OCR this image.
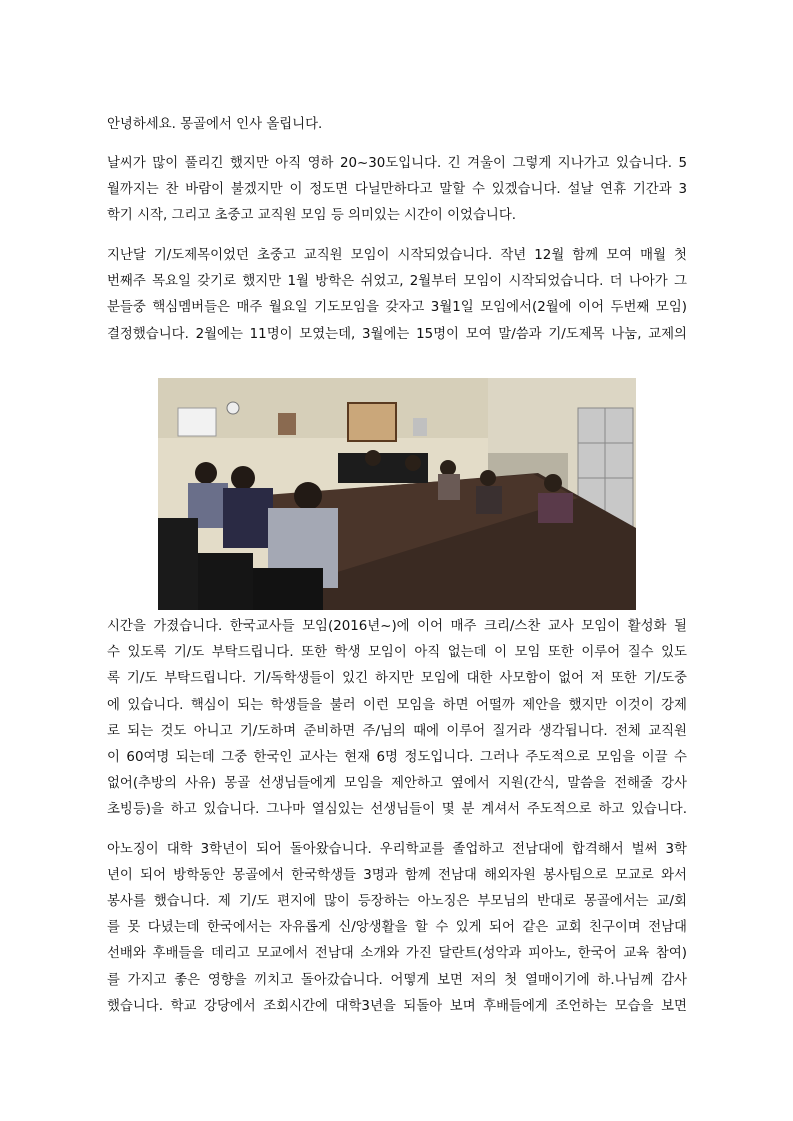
안녕하세요. 몽골에서 인사 올립니다.
날씨가 많이 풀리긴 했지만 아직 영하 20~30도입니다. 긴 겨울이 그렇게 지나가고 있습니다. 5
월까지는 찬 바람이 불겠지만 이 정도면 다닐만하다고 말할 수 있겠습니다. 설날 연휴 기간과 3
학기 시작, 그리고 초중고 교직원 모임 등 의미있는 시간이 이었습니다.
지난달 기/도제목이었던 초중고 교직원 모임이 시작되었습니다. 작년 12월 함께 모여 매월 첫
번째주 목요일 갖기로 했지만 1월 방학은 쉬었고, 2월부터 모임이 시작되었습니다. 더 나아가 그
분들중 핵심멤버들은 매주 월요일 기도모임을 갖자고 3월1일 모임에서(2월에 이어 두번째 모임)
결정했습니다. 2월에는 11명이 모였는데, 3월에는 15명이 모여 말/씀과 기/도제목 나눔, 교제의
시간을 가졌습니다. 한국교사들 모임(2016년~)에 이어 매주 크리/스찬 교사 모임이 활성화 될
수 있도록 기/도 부탁드립니다. 또한 학생 모임이 아직 없는데 이 모임 또한 이루어 질수 있도
록 기/도 부탁드립니다. 기/독학생들이 있긴 하지만 모임에 대한 사모함이 없어 저 또한 기/도중
에 있습니다. 핵심이 되는 학생들을 불러 이런 모임을 하면 어떨까 제안을 했지만 이것이 강제
로 되는 것도 아니고 기/도하며 준비하면 주/님의 때에 이루어 질거라 생각됩니다. 전체 교직원
이 60여명 되는데 그중 한국인 교사는 현재 6명 정도입니다. 그러나 주도적으로 모임을 이끌 수
없어(추방의 사유) 몽골 선생님들에게 모임을 제안하고 옆에서 지원(간식, 말씀을 전해줄 강사
초빙등)을 하고 있습니다. 그나마 열심있는 선생님들이 몇 분 계셔서 주도적으로 하고 있습니다.
아노징이 대학 3학년이 되어 돌아왔습니다. 우리학교를 졸업하고 전남대에 합격해서 벌써 3학
년이 되어 방학동안 몽골에서 한국학생들 3명과 함께 전남대 해외자원 봉사팀으로 모교로 와서
봉사를 했습니다. 제 기/도 편지에 많이 등장하는 아노징은 부모님의 반대로 몽골에서는 교/회
를 못 다녔는데 한국에서는 자유롭게 신/앙생활을 할 수 있게 되어 같은 교회 친구이며 전남대
선배와 후배들을 데리고 모교에서 전남대 소개와 가진 달란트(성악과 피아노, 한국어 교육 참여)
를 가지고 좋은 영향을 끼치고 돌아갔습니다. 어떻게 보면 저의 첫 열매이기에 하.나님께 감사
했습니다. 학교 강당에서 조회시간에 대학3년을 되돌아 보며 후배들에게 조언하는 모습을 보면
